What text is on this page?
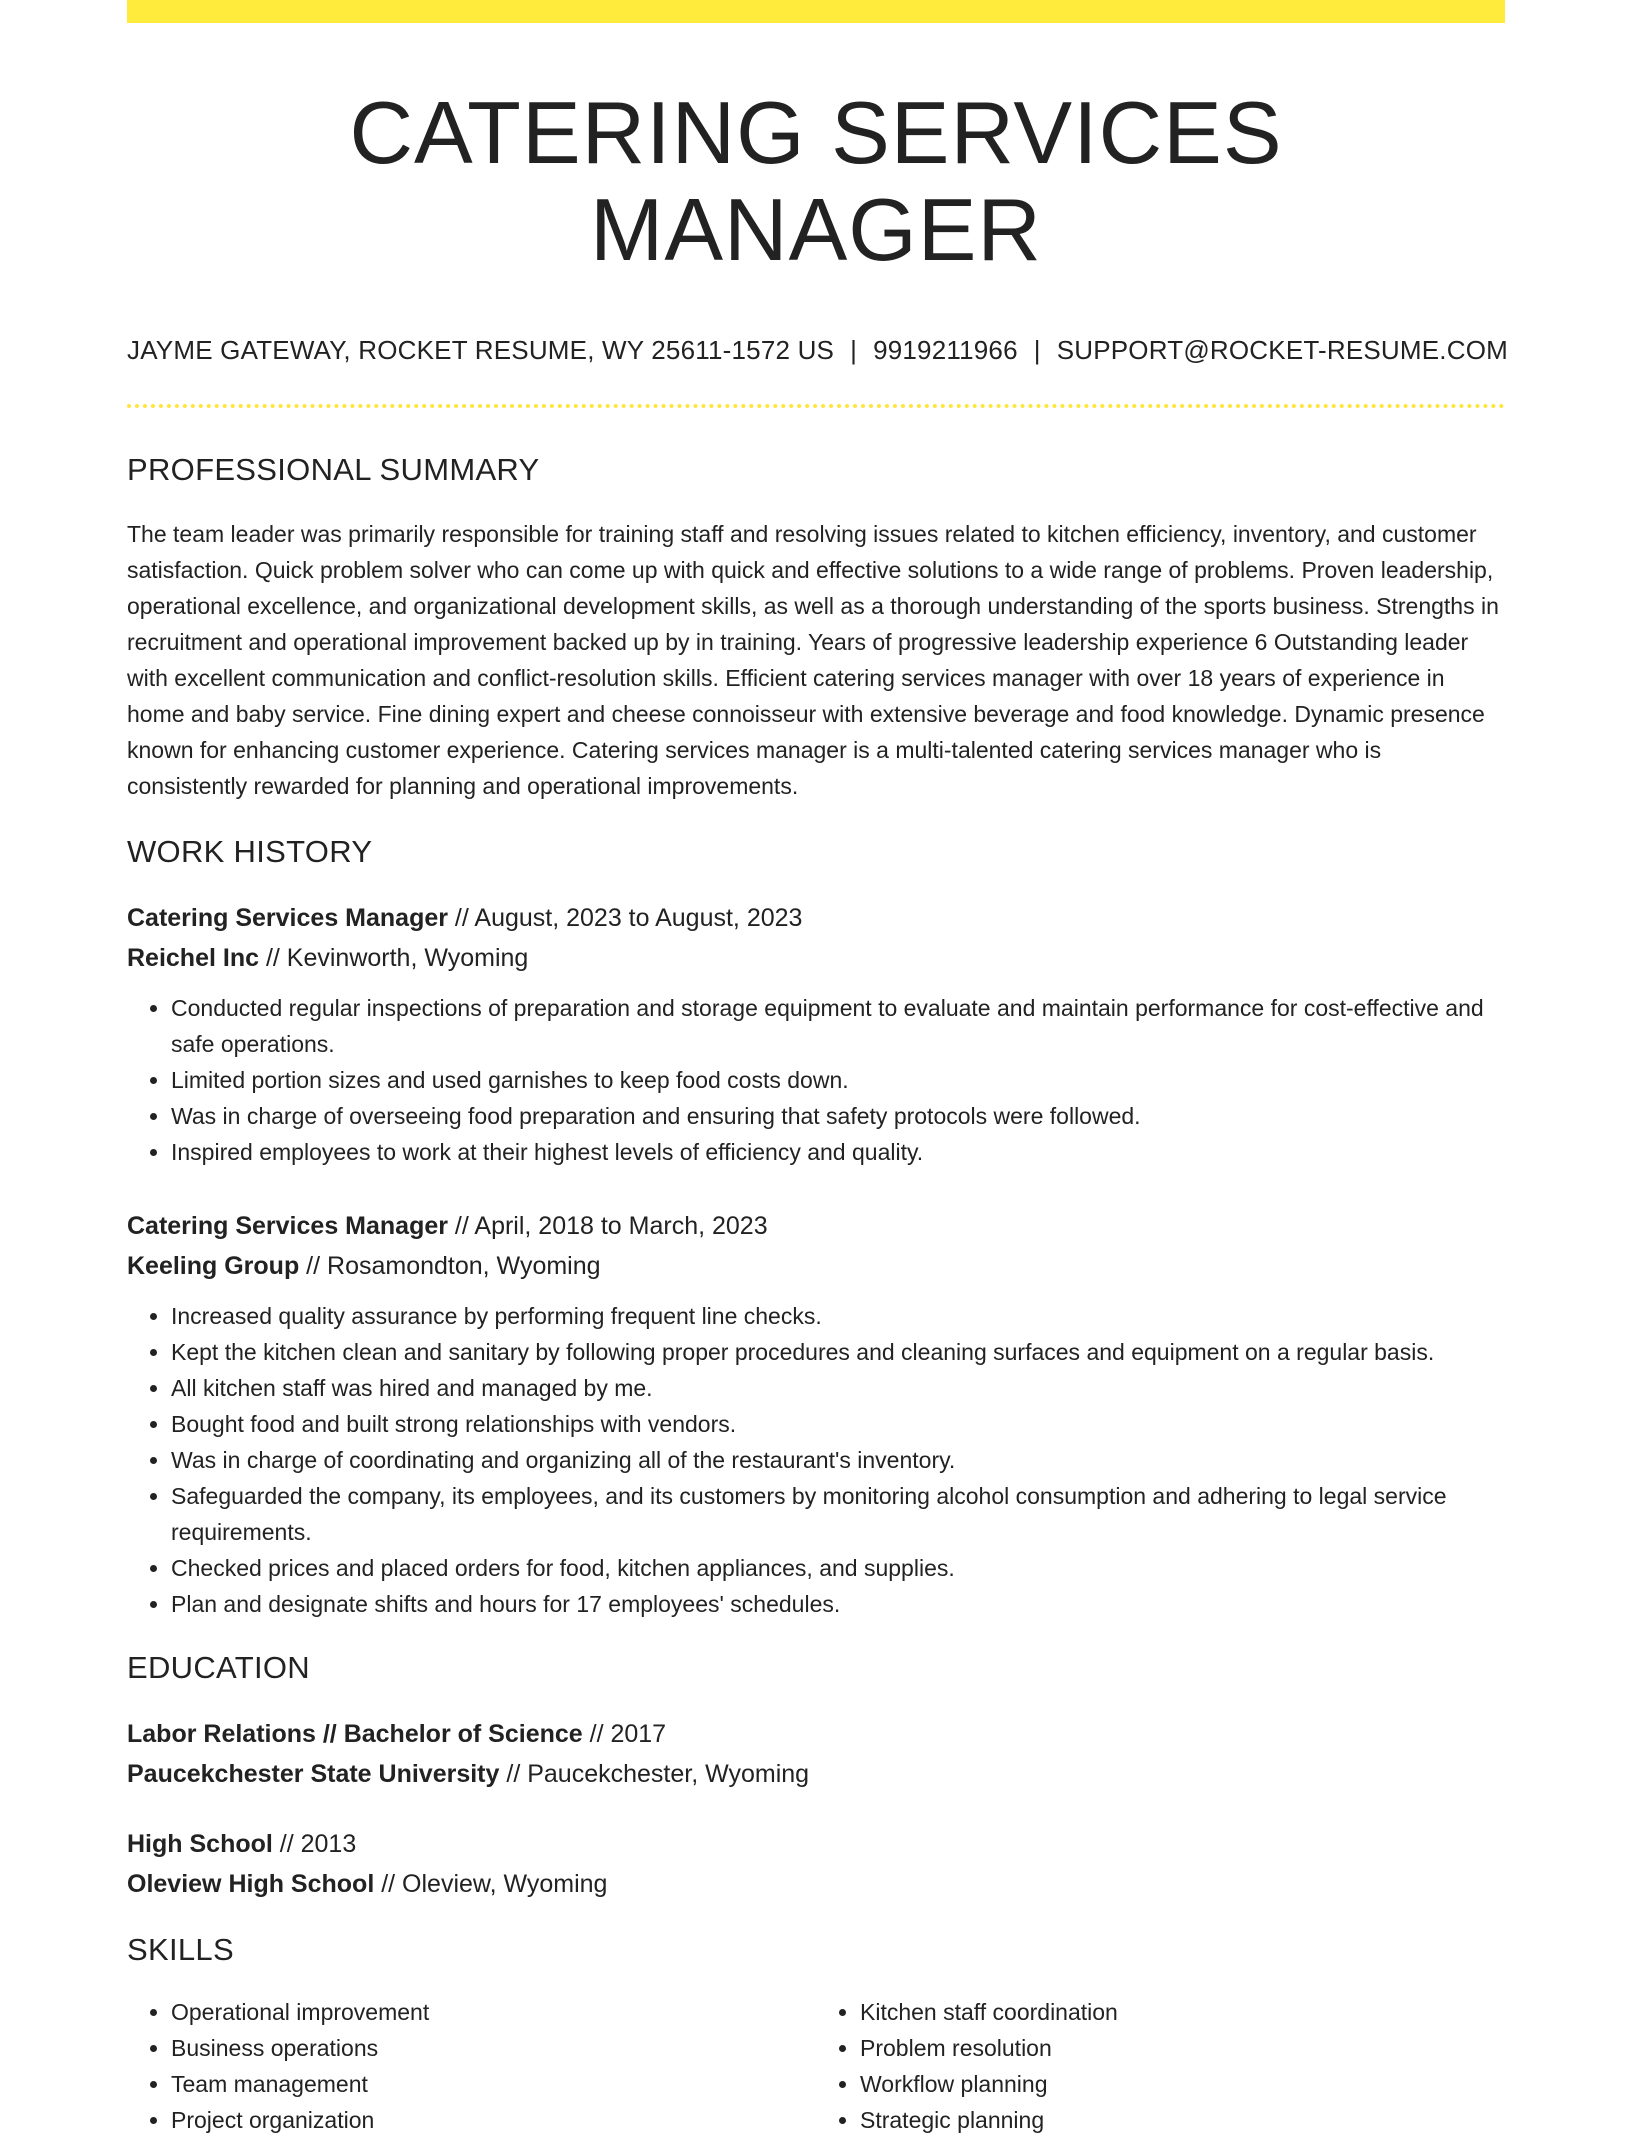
CATERING SERVICES MANAGER
JAYME GATEWAY, ROCKET RESUME, WY 25611-1572 US | 9919211966 | SUPPORT@ROCKET-RESUME.COM
PROFESSIONAL SUMMARY

The team leader was primarily responsible for training staff and resolving issues related to kitchen efficiency, inventory, and customer satisfaction. Quick problem solver who can come up with quick and effective solutions to a wide range of problems. Proven leadership, operational excellence, and organizational development skills, as well as a thorough understanding of the sports business. Strengths in recruitment and operational improvement backed up by in training. Years of progressive leadership experience 6 Outstanding leader with excellent communication and conflict-resolution skills. Efficient catering services manager with over 18 years of experience in home and baby service. Fine dining expert and cheese connoisseur with extensive beverage and food knowledge. Dynamic presence known for enhancing customer experience. Catering services manager is a multi-talented catering services manager who is consistently rewarded for planning and operational improvements.

WORK HISTORY
Catering Services Manager // August, 2023 to August, 2023
Reichel Inc // Kevinworth, Wyoming
• Conducted regular inspections of preparation and storage equipment to evaluate and maintain performance for cost-effective and safe operations.
• Limited portion sizes and used garnishes to keep food costs down.
• Was in charge of overseeing food preparation and ensuring that safety protocols were followed.
• Inspired employees to work at their highest levels of efficiency and quality.
Catering Services Manager // April, 2018 to March, 2023
Keeling Group // Rosamondton, Wyoming
• Increased quality assurance by performing frequent line checks.
• Kept the kitchen clean and sanitary by following proper procedures and cleaning surfaces and equipment on a regular basis.
• All kitchen staff was hired and managed by me.
• Bought food and built strong relationships with vendors.
• Was in charge of coordinating and organizing all of the restaurant's inventory.
• Safeguarded the company, its employees, and its customers by monitoring alcohol consumption and adhering to legal service requirements.
• Checked prices and placed orders for food, kitchen appliances, and supplies.
• Plan and designate shifts and hours for 17 employees' schedules.
EDUCATION
Labor Relations // Bachelor of Science // 2017
Paucekchester State University // Paucekchester, Wyoming
High School // 2013
Oleview High School // Oleview, Wyoming
SKILLS
• Operational improvement
• Business operations
• Team management
• Project organization
• Kitchen staff coordination
• Problem resolution
• Workflow planning
• Strategic planning
